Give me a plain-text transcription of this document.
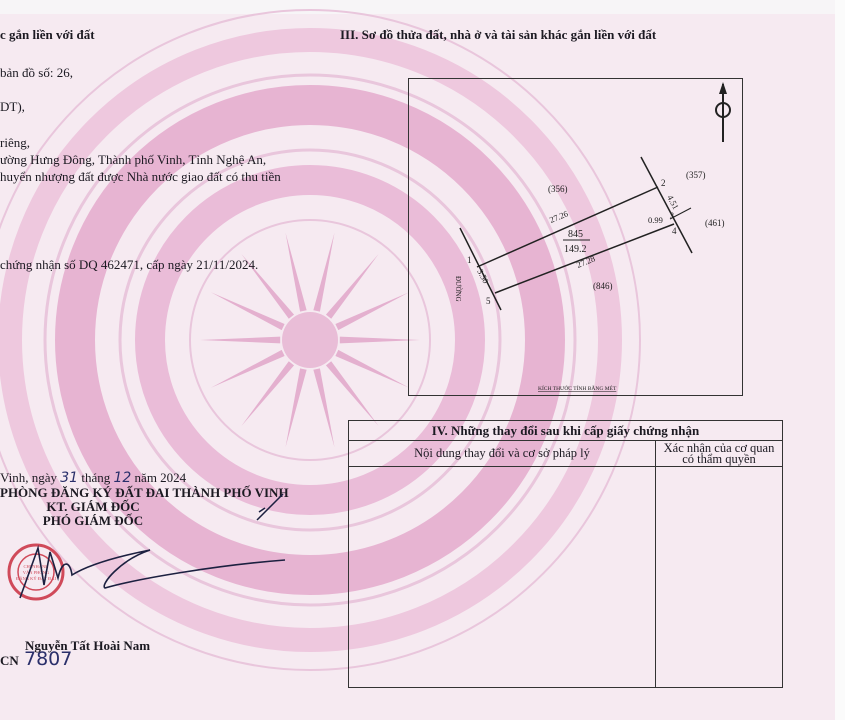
c gắn liền với đất
bản đồ số: 26,
DT),
riêng,
ường Hưng Đông, Thành phố Vinh, Tỉnh Nghệ An,
huyển nhượng đất được Nhà nước giao đất có thu tiền
chứng nhận số DQ 462471, cấp ngày 21/11/2024.
III. Sơ đồ thửa đất, nhà ở và tài sản khác gắn liền với đất
(356)
(357)
(461)
(846)
845
149.2
27.26
27.28
4.51
0.99
3.50
2
3
4
1
5
ĐƯỜNG
KÍCH THƯỚC TÍNH BẰNG MÉT
IV. Những thay đổi sau khi cấp giấy chứng nhận	
Nội dung thay đổi và cơ sở pháp lý	Xác nhận của cơ quan
có thẩm quyền

Vinh, ngày 31 tháng 12 năm 2024
PHÒNG ĐĂNG KÝ ĐẤT ĐAI THÀNH PHỐ VINH
KT. GIÁM ĐỐC
PHÓ GIÁM ĐỐC
CHI NHÁNH
VĂN PHÒNG
ĐĂNG KÝ ĐẤT ĐAI
Nguyễn Tất Hoài Nam
CN 7807
